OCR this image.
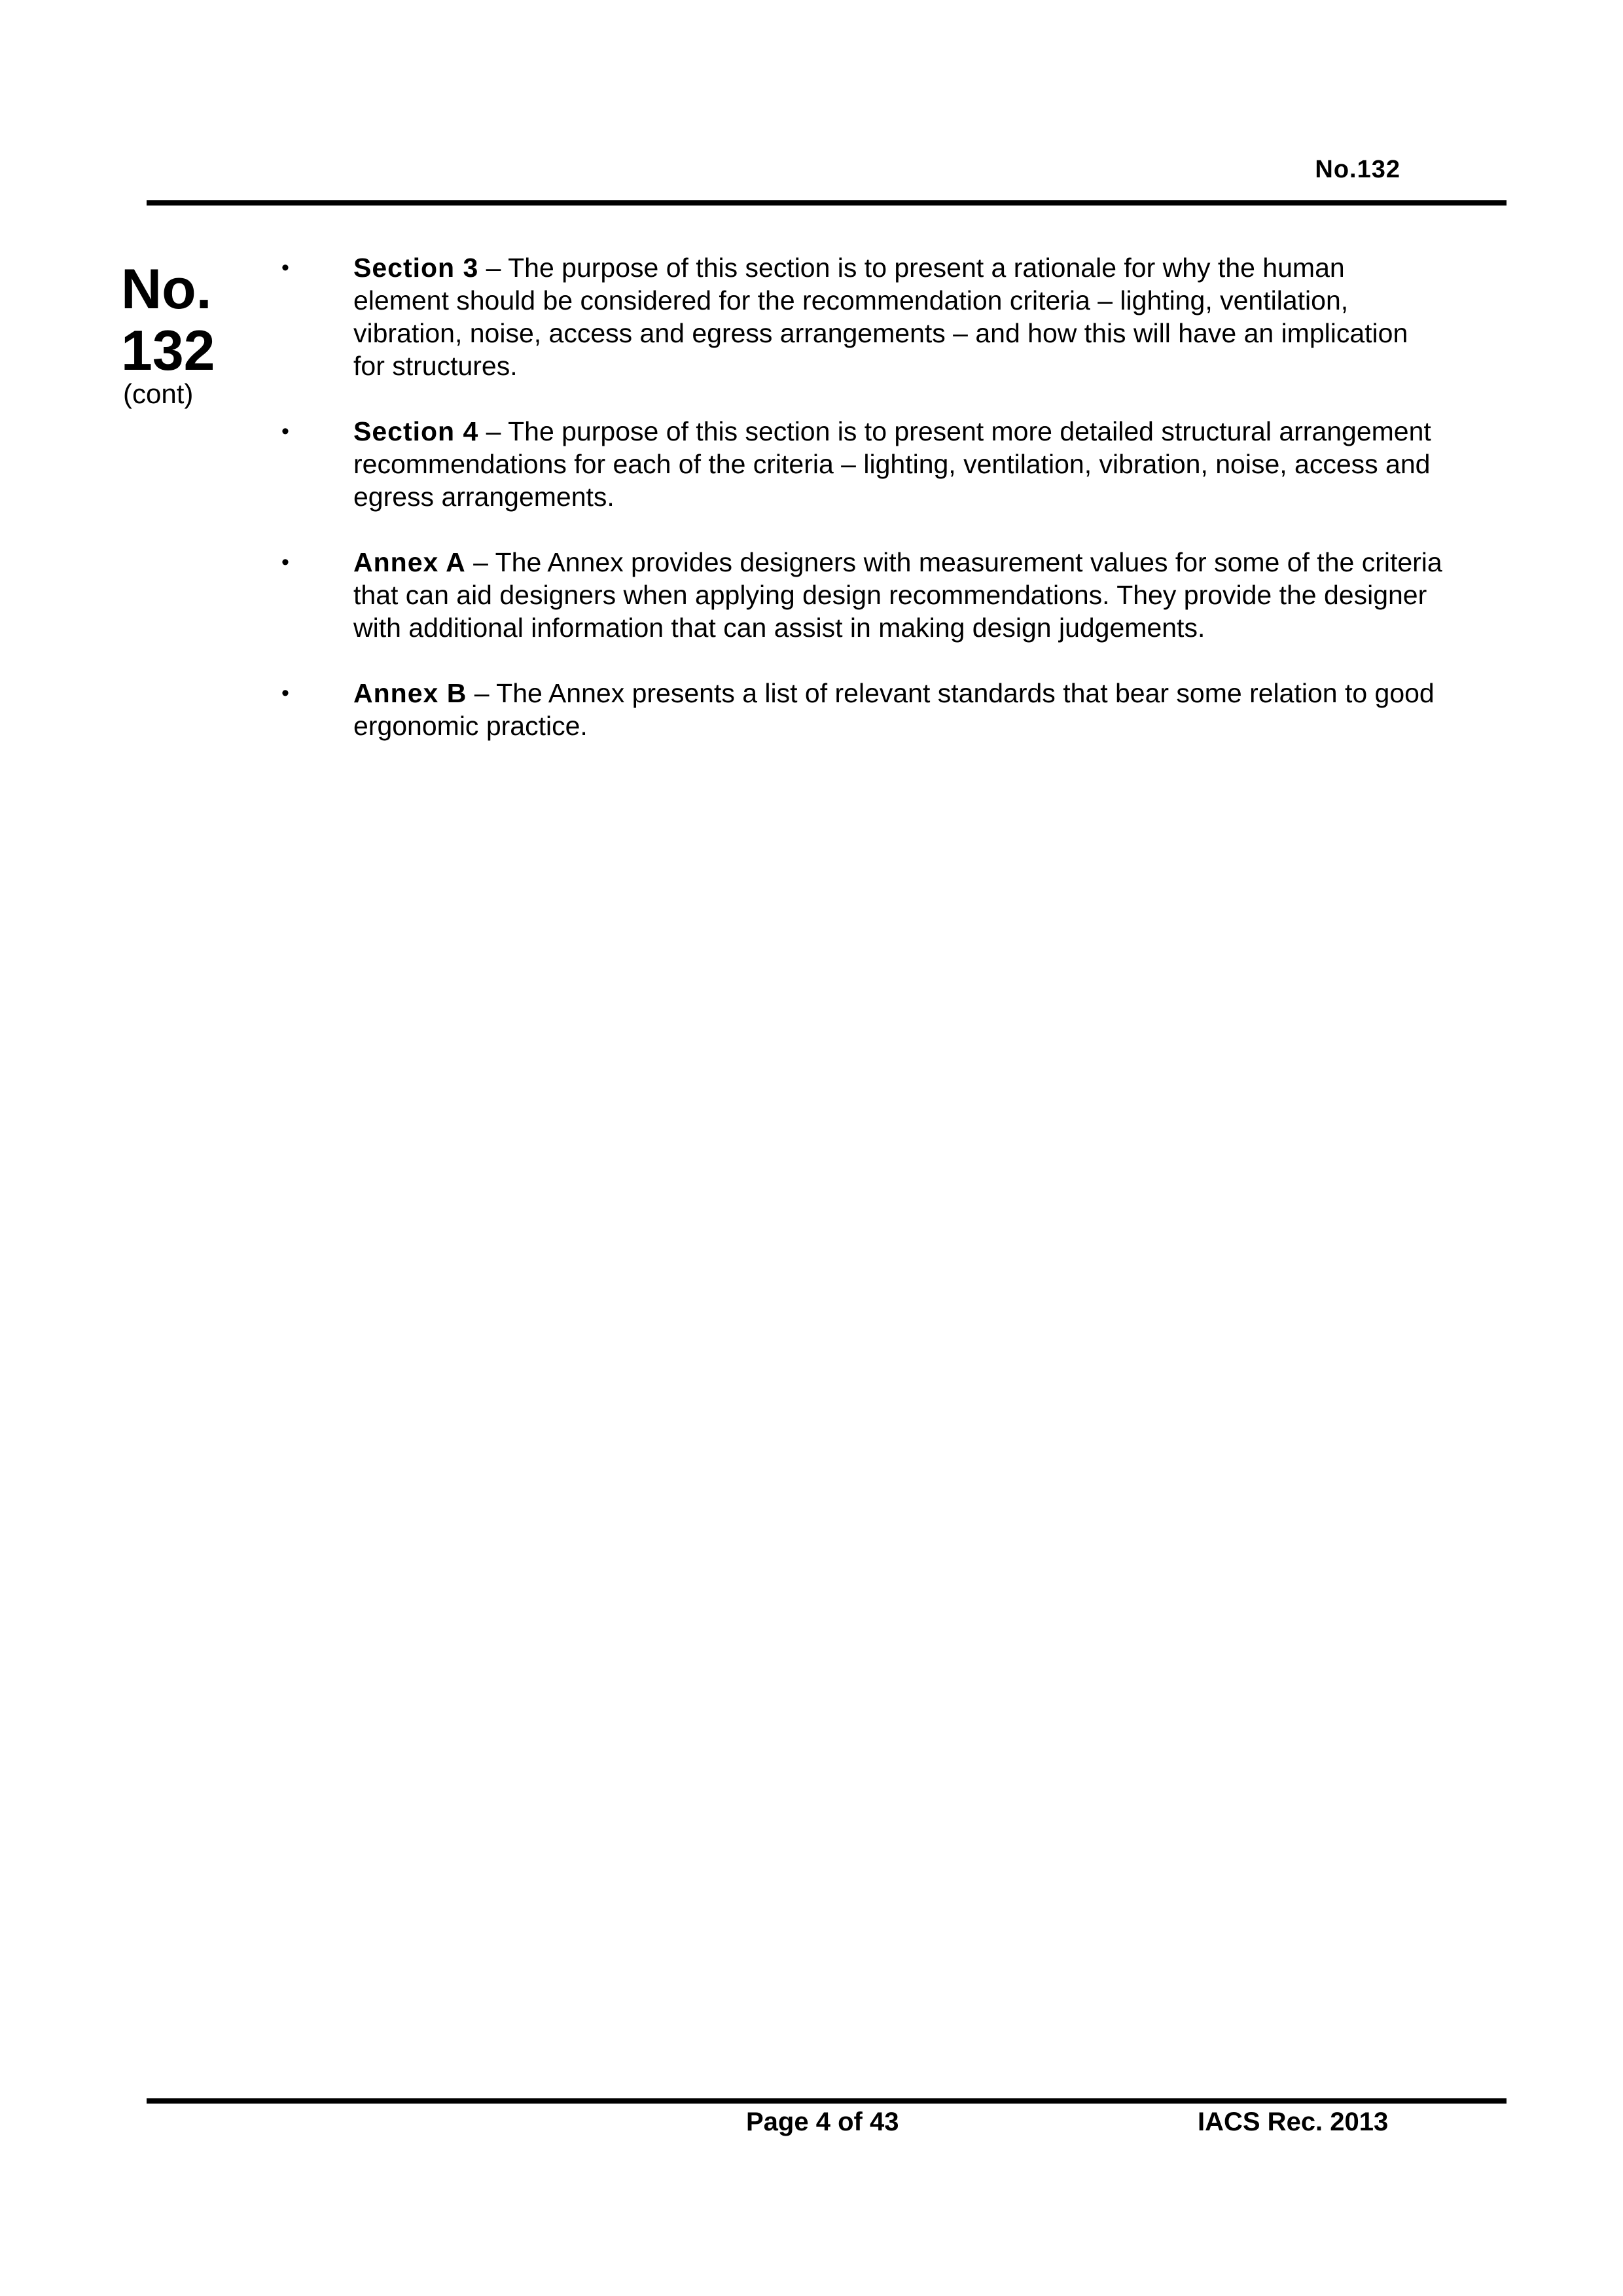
No.132
No.
132
(cont)
• Section 3 – The purpose of this section is to present a rationale for why the human element should be considered for the recommendation criteria – lighting, ventilation, vibration, noise, access and egress arrangements – and how this will have an implication for structures.
• Section 4 – The purpose of this section is to present more detailed structural arrangement recommendations for each of the criteria – lighting, ventilation, vibration, noise, access and egress arrangements.
• Annex A – The Annex provides designers with measurement values for some of the criteria that can aid designers when applying design recommendations. They provide the designer with additional information that can assist in making design judgements.
• Annex B – The Annex presents a list of relevant standards that bear some relation to good ergonomic practice.
Page 4 of 43	IACS Rec. 2013
